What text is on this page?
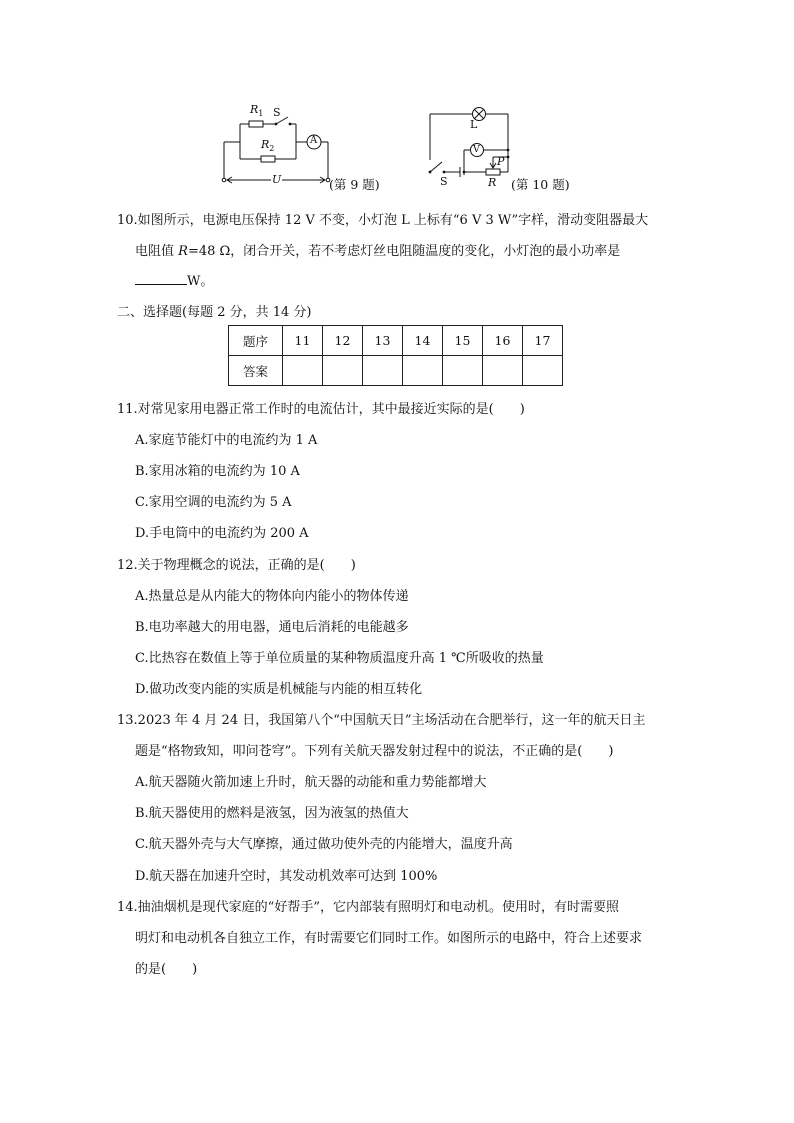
$R_1$ S
$R_2$
A
U	(第 9 题)
L
V
P
S	R (第 10 题)
10.如图所示，电源电压保持 12 V 不变，小灯泡 L 上标有“6 V 3 W”字样，滑动变阻器最大
电阻值 R=48 Ω，闭合开关，若不考虑灯丝电阻随温度的变化，小灯泡的最小功率是
W。
二、选择题(每题 2 分，共 14 分)
题序	11	12	13	14	15	16	17
答案							
11.对常见家用电器正常工作时的电流估计，其中最接近实际的是(　　)
A.家庭节能灯中的电流约为 1 A
B.家用冰箱的电流约为 10 A
C.家用空调的电流约为 5 A
D.手电筒中的电流约为 200 A
12.关于物理概念的说法，正确的是(　　)
A.热量总是从内能大的物体向内能小的物体传递
B.电功率越大的用电器，通电后消耗的电能越多
C.比热容在数值上等于单位质量的某种物质温度升高 1 ℃所吸收的热量
D.做功改变内能的实质是机械能与内能的相互转化
13.2023 年 4 月 24 日，我国第八个“中国航天日”主场活动在合肥举行，这一年的航天日主
题是“格物致知，叩问苍穹”。下列有关航天器发射过程中的说法，不正确的是(　　)
A.航天器随火箭加速上升时，航天器的动能和重力势能都增大
B.航天器使用的燃料是液氢，因为液氢的热值大
C.航天器外壳与大气摩擦，通过做功使外壳的内能增大，温度升高
D.航天器在加速升空时，其发动机效率可达到 100%
14.抽油烟机是现代家庭的“好帮手”，它内部装有照明灯和电动机。使用时，有时需要照
明灯和电动机各自独立工作，有时需要它们同时工作。如图所示的电路中，符合上述要求
的是(　　)
